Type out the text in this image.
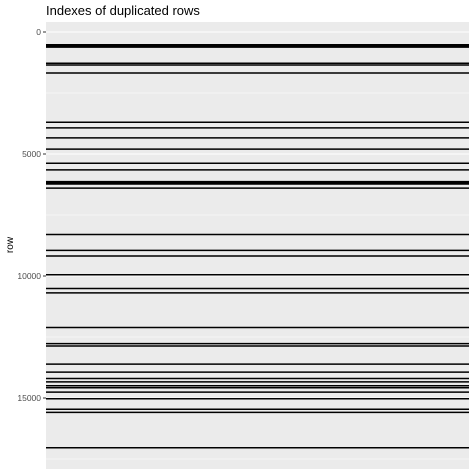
Indexes of duplicated rows
0
5000
10000
15000
row
